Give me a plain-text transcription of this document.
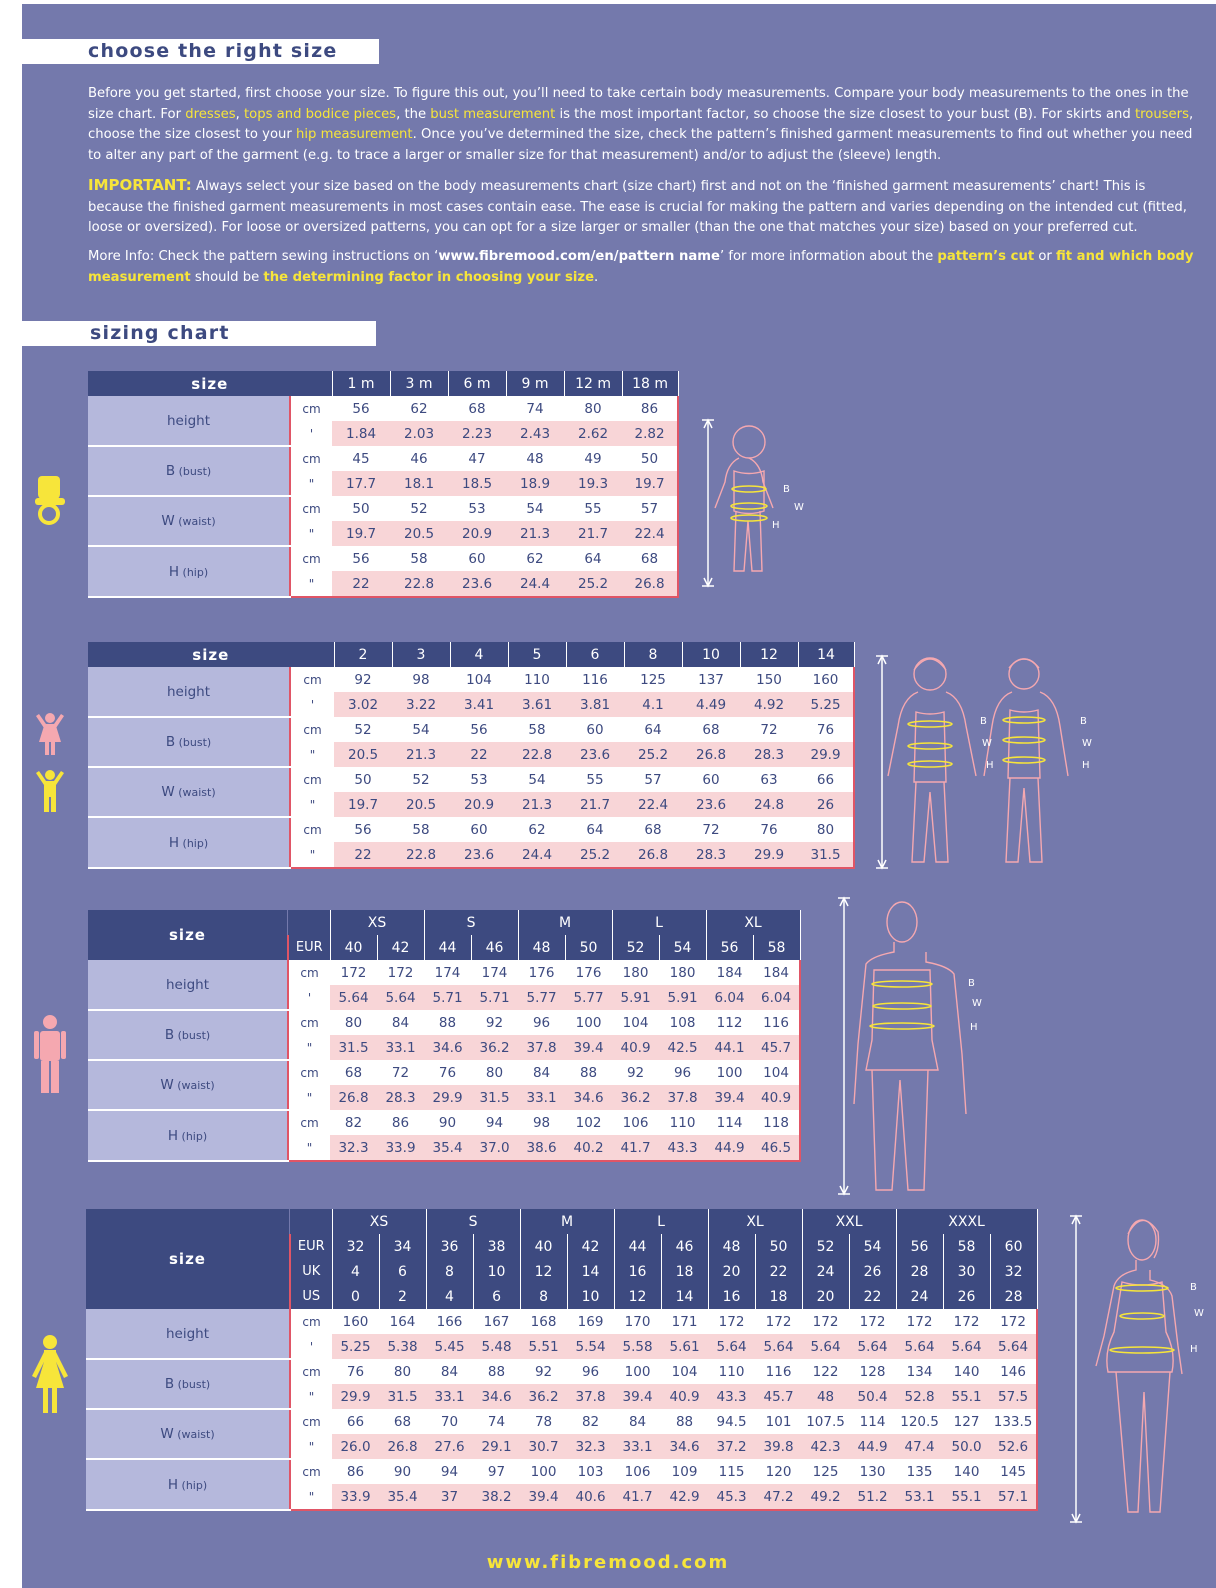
choose the right size

Before you get started, first choose your size. To figure this out, you’ll need to take certain body measurements. Compare your body measurements to the ones in the size chart. For dresses, tops and bodice pieces, the bust measurement is the most important factor, so choose the size closest to your bust (B). For skirts and trousers, choose the size closest to your hip measurement. Once you’ve determined the size, check the pattern’s finished garment measurements to find out whether you need to alter any part of the garment (e.g. to trace a larger or smaller size for that measurement) and/or to adjust the (sleeve) length.

IMPORTANT: Always select your size based on the body measurements chart (size chart) first and not on the ‘finished garment measurements’ chart! This is because the finished garment measurements in most cases contain ease. The ease is crucial for making the pattern and varies depending on the intended cut (fitted, loose or oversized). For loose or oversized patterns, you can opt for a size larger or smaller (than the one that matches your size) based on your preferred cut.

More Info: Check the pattern sewing instructions on ‘www.fibremood.com/en/pattern name’ for more information about the pattern’s cut or fit and which body measurement should be the determining factor in choosing your size.

sizing chart
size		1 m	3 m	6 m	9 m	12 m	18 m
height	cm	56	62	68	74	80	86
	'	1.84	2.03	2.23	2.43	2.62	2.82
B (bust)	cm	45	46	47	48	49	50
	"	17.7	18.1	18.5	18.9	19.3	19.7
W (waist)	cm	50	52	53	54	55	57
	"	19.7	20.5	20.9	21.3	21.7	22.4
H (hip)	cm	56	58	60	62	64	68
	"	22	22.8	23.6	24.4	25.2	26.8
size		2	3	4	5	6	8	10	12	14
height	cm	92	98	104	110	116	125	137	150	160
	'	3.02	3.22	3.41	3.61	3.81	4.1	4.49	4.92	5.25
B (bust)	cm	52	54	56	58	60	64	68	72	76
	"	20.5	21.3	22	22.8	23.6	25.2	26.8	28.3	29.9
W (waist)	cm	50	52	53	54	55	57	60	63	66
	"	19.7	20.5	20.9	21.3	21.7	22.4	23.6	24.8	26
H (hip)	cm	56	58	60	62	64	68	72	76	80
	"	22	22.8	23.6	24.4	25.2	26.8	28.3	29.9	31.5
size		XS		S		M		L		XL	
	EUR	40	42	44	46	48	50	52	54	56	58
height	cm	172	172	174	174	176	176	180	180	184	184
	'	5.64	5.64	5.71	5.71	5.77	5.77	5.91	5.91	6.04	6.04
B (bust)	cm	80	84	88	92	96	100	104	108	112	116
	"	31.5	33.1	34.6	36.2	37.8	39.4	40.9	42.5	44.1	45.7
W (waist)	cm	68	72	76	80	84	88	92	96	100	104
	"	26.8	28.3	29.9	31.5	33.1	34.6	36.2	37.8	39.4	40.9
H (hip)	cm	82	86	90	94	98	102	106	110	114	118
	"	32.3	33.9	35.4	37.0	38.6	40.2	41.7	43.3	44.9	46.5
size		XS		S		M		L		XL		XXL		XXXL		
	EUR	32	34	36	38	40	42	44	46	48	50	52	54	56	58	60
	UK	4	6	8	10	12	14	16	18	20	22	24	26	28	30	32
	US	0	2	4	6	8	10	12	14	16	18	20	22	24	26	28
height	cm	160	164	166	167	168	169	170	171	172	172	172	172	172	172	172
	'	5.25	5.38	5.45	5.48	5.51	5.54	5.58	5.61	5.64	5.64	5.64	5.64	5.64	5.64	5.64
B (bust)	cm	76	80	84	88	92	96	100	104	110	116	122	128	134	140	146
	"	29.9	31.5	33.1	34.6	36.2	37.8	39.4	40.9	43.3	45.7	48	50.4	52.8	55.1	57.5
W (waist)	cm	66	68	70	74	78	82	84	88	94.5	101	107.5	114	120.5	127	133.5
	"	26.0	26.8	27.6	29.1	30.7	32.3	33.1	34.6	37.2	39.8	42.3	44.9	47.4	50.0	52.6
H (hip)	cm	86	90	94	97	100	103	106	109	115	120	125	130	135	140	145
	"	33.9	35.4	37	38.2	39.4	40.6	41.7	42.9	45.3	47.2	49.2	51.2	53.1	55.1	57.1
B
W
H
B
W
H
B
W
H
B
W
H
B
W
H
www.fibremood.com
